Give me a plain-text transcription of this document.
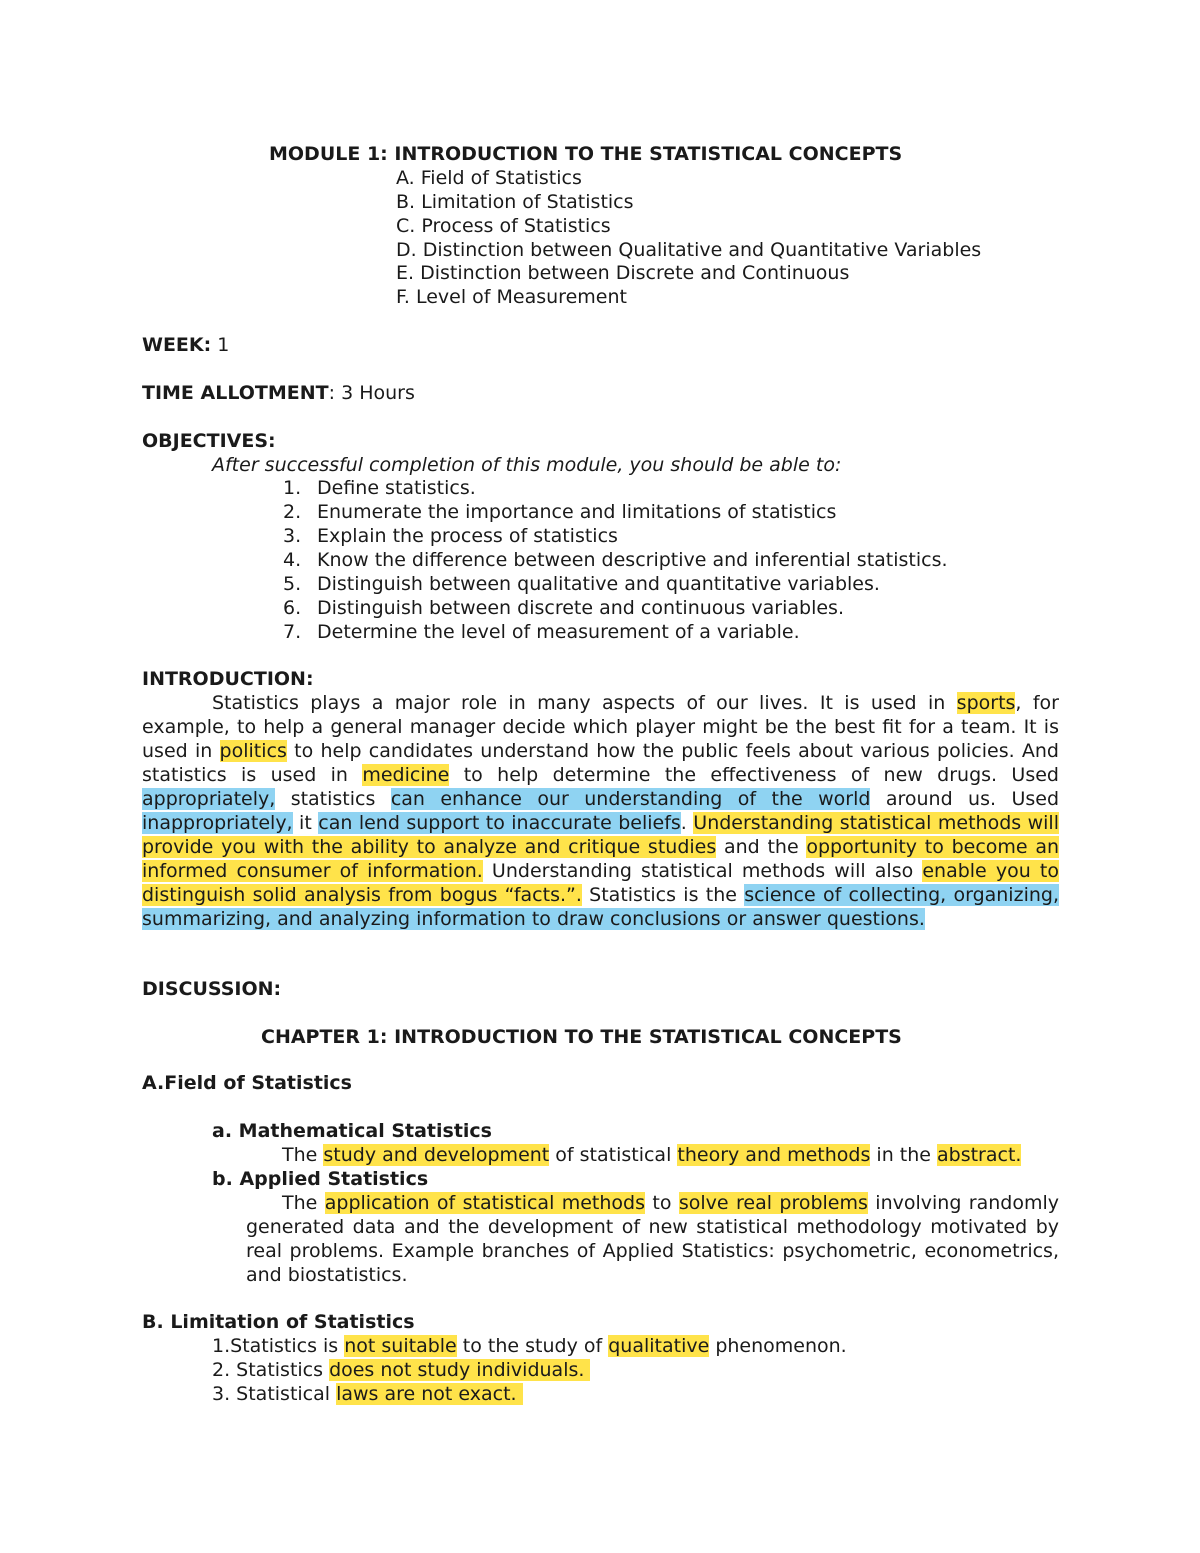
MODULE 1: INTRODUCTION TO THE STATISTICAL CONCEPTS
A. Field of Statistics
B. Limitation of Statistics
C. Process of Statistics
D. Distinction between Qualitative and Quantitative Variables
E. Distinction between Discrete and Continuous
F. Level of Measurement
WEEK: 1
TIME ALLOTMENT: 3 Hours
OBJECTIVES:
After successful completion of this module, you should be able to:
1. Define statistics.
2. Enumerate the importance and limitations of statistics
3. Explain the process of statistics
4. Know the difference between descriptive and inferential statistics.
5. Distinguish between qualitative and quantitative variables.
6. Distinguish between discrete and continuous variables.
7. Determine the level of measurement of a variable.
INTRODUCTION:
Statistics plays a major role in many aspects of our lives. It is used in sports, for example, to help a general manager decide which player might be the best fit for a team. It is used in politics to help candidates understand how the public feels about various policies. And statistics is used in medicine to help determine the effectiveness of new drugs. Used appropriately, statistics can enhance our understanding of the world around us. Used inappropriately, it can lend support to inaccurate beliefs. Understanding statistical methods will provide you with the ability to analyze and critique studies and the opportunity to become an informed consumer of information. Understanding statistical methods will also enable you to distinguish solid analysis from bogus “facts.”. Statistics is the science of collecting, organizing, summarizing, and analyzing information to draw conclusions or answer questions.
DISCUSSION:
CHAPTER 1: INTRODUCTION TO THE STATISTICAL CONCEPTS
A.Field of Statistics
a. Mathematical Statistics
The study and development of statistical theory and methods in the abstract.
b. Applied Statistics
The application of statistical methods to solve real problems involving randomly generated data and the development of new statistical methodology motivated by real problems. Example branches of Applied Statistics: psychometric, econometrics, and biostatistics.
B. Limitation of Statistics
1.Statistics is not suitable to the study of qualitative phenomenon.
2. Statistics does not study individuals.
3. Statistical laws are not exact.
